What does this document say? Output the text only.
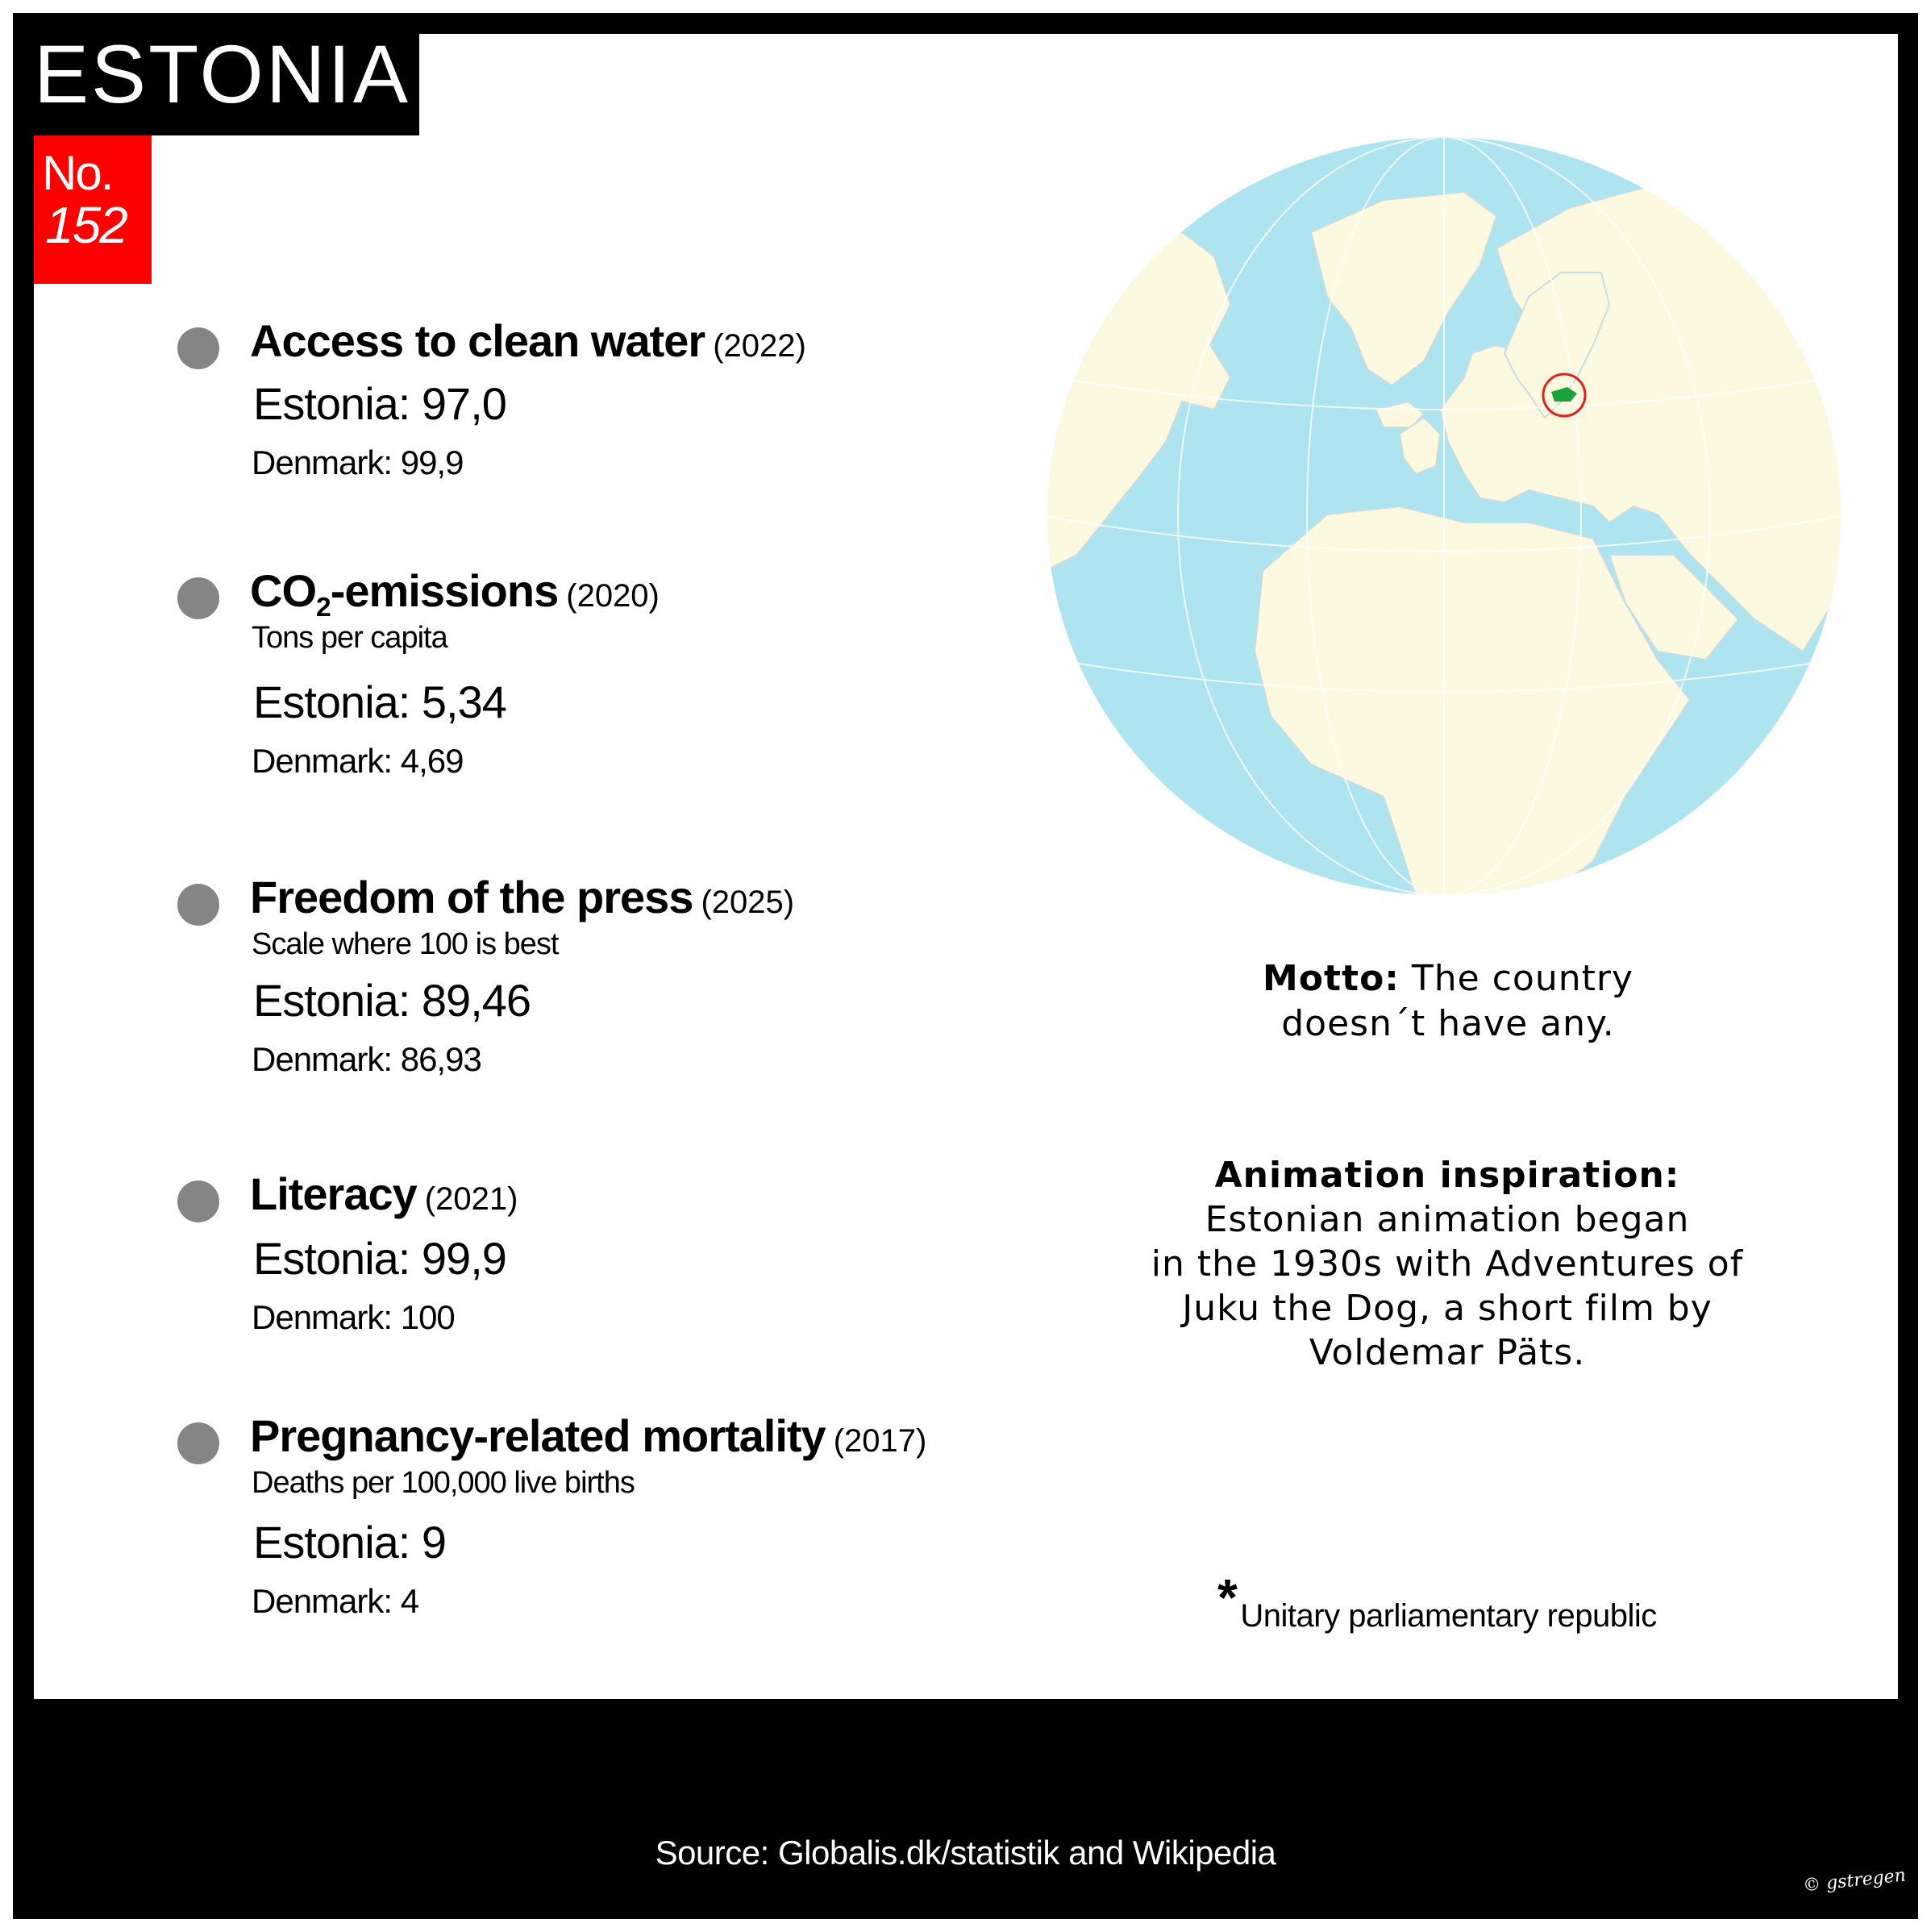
ESTONIA
No.
152
Access to clean water (2022)
Estonia: 97,0
Denmark: 99,9
$CO_2$-emissions (2020)
Tons per capita
Estonia: 5,34
Denmark: 4,69
Freedom of the press (2025)
Scale where 100 is best
Estonia: 89,46
Denmark: 86,93
Literacy (2021)
Estonia: 99,9
Denmark: 100
Pregnancy-related mortality (2017)
Deaths per 100,000 live births
Estonia: 9
Denmark: 4
Motto: The country
doesn´t have any.
Animation inspiration:
Estonian animation began
in the 1930s with Adventures of
Juku the Dog, a short film by
Voldemar Päts.
* Unitary parliamentary republic
Source: Globalis.dk/statistik and Wikipedia
© gstregen
